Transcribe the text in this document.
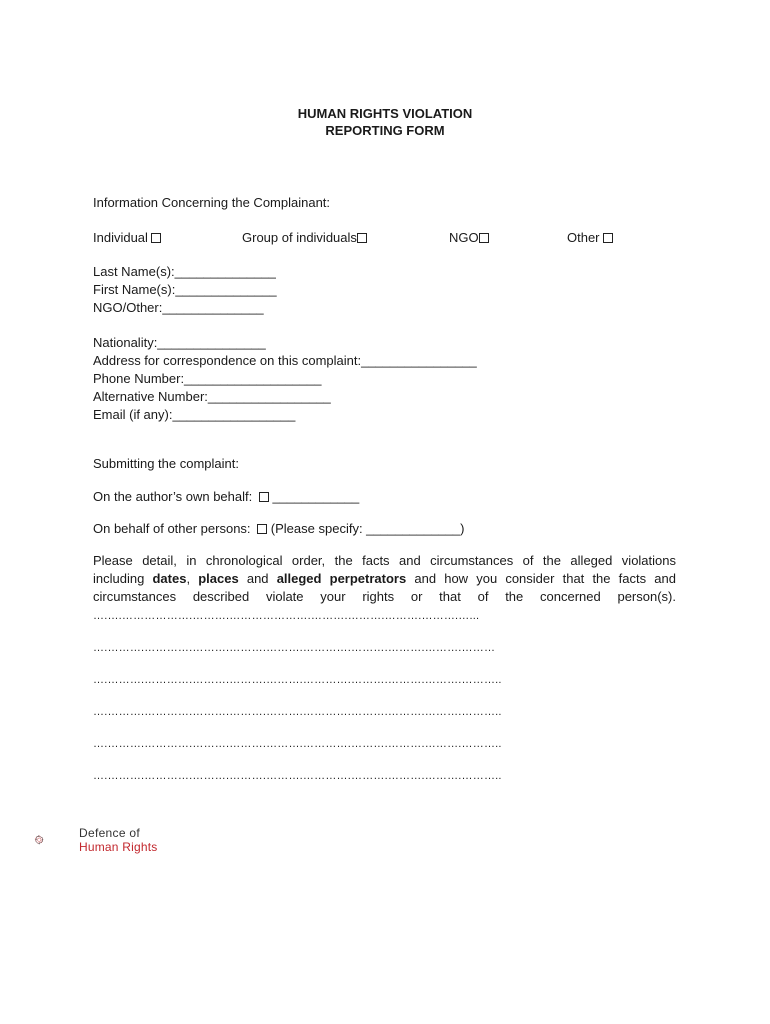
HUMAN RIGHTS VIOLATION
REPORTING FORM
Information Concerning the Complainant:
Individual	Group of individuals	NGO	Other
Last Name(s):______________
First Name(s):______________
NGO/Other:______________
Nationality:_______________
Address for correspondence on this complaint:________________
Phone Number:___________________
Alternative Number:_________________
Email (if any):_________________
Submitting the complaint:
On the author’s own behalf: ____________
On behalf of other persons: (Please specify: _____________)
Please detail, in chronological order, the facts and circumstances of the alleged violations
including dates, places and alleged perpetrators and how you consider that the facts and
circumstances described violate your rights or that of the concerned person(s).
….….……………….……….………………….……….……….……….……….…...
….……….………….……….……….……….………….……….……….……….………
….……….………….……….……….……….………….……….……….……….………..
….……….………….……….……….……….………….……….……….……….………..
….……….………….……….……….……….………….……….……….……….………..
….……….………….……….……….……….………….……….……….……….………..
Defence of
Human Rights
